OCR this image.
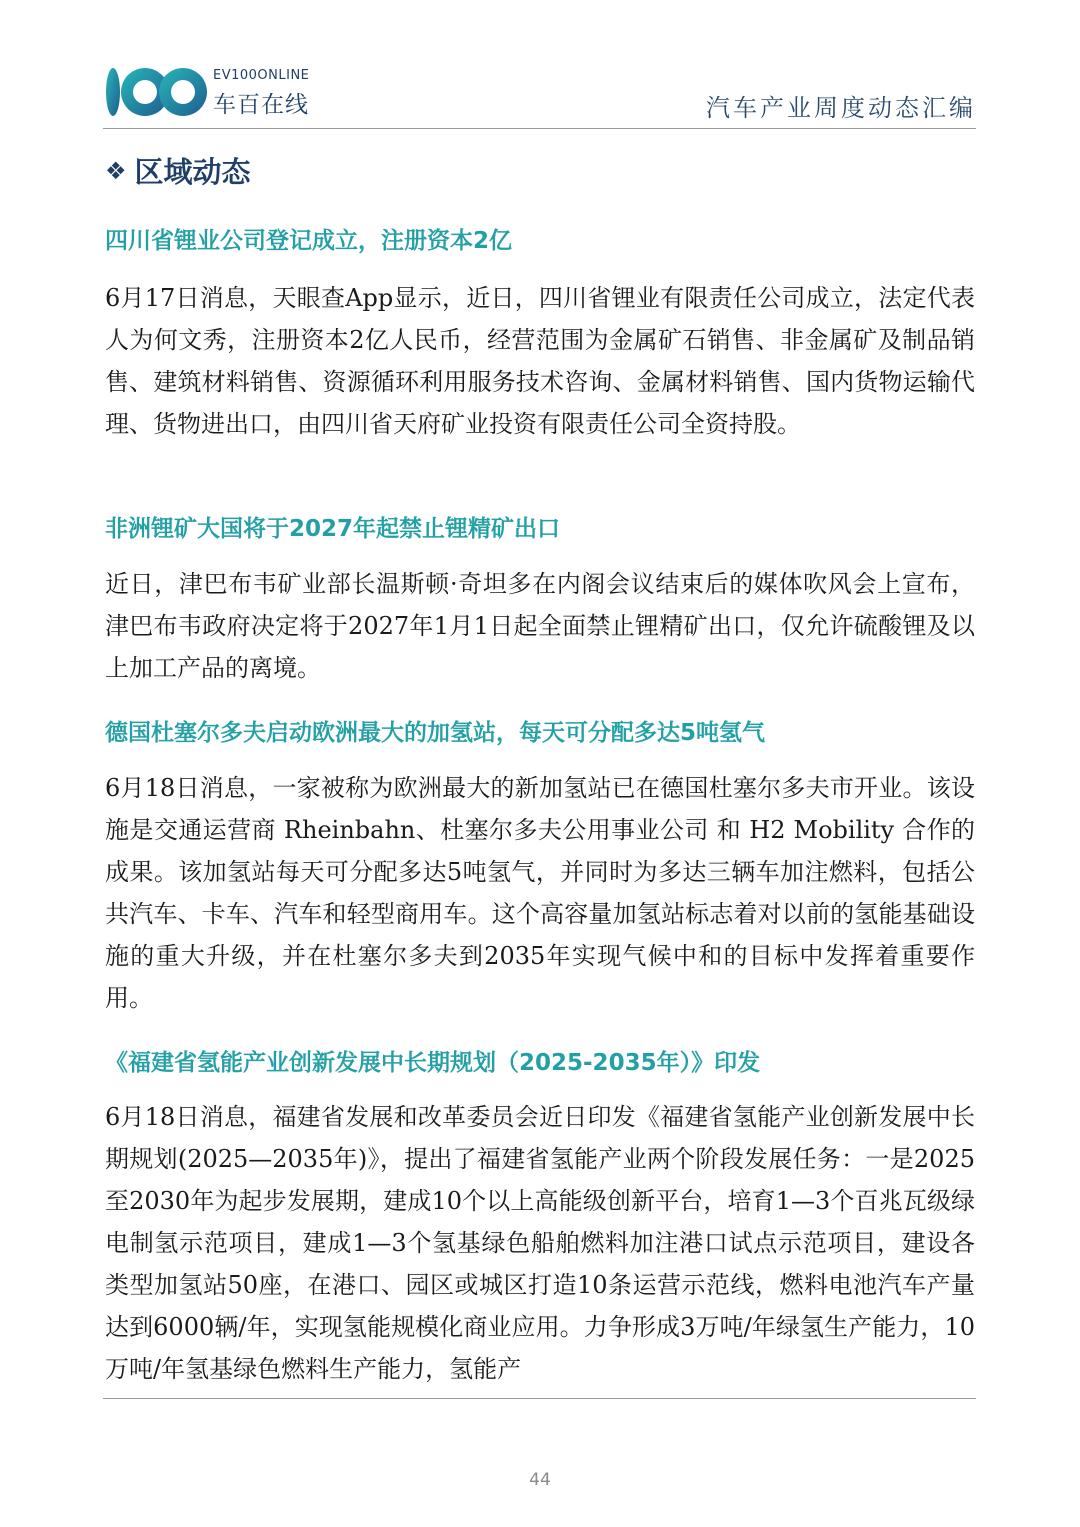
EV100ONLINE
车百在线	汽车产业周度动态汇编
❖ 区域动态
四川省锂业公司登记成立，注册资本2亿
6月17日消息，天眼查App显示，近日，四川省锂业有限责任公司成立，法定代表人为何文秀，注册资本2亿人民币，经营范围为金属矿石销售、非金属矿及制品销售、建筑材料销售、资源循环利用服务技术咨询、金属材料销售、国内货物运输代理、货物进出口，由四川省天府矿业投资有限责任公司全资持股。
非洲锂矿大国将于2027年起禁止锂精矿出口
近日，津巴布韦矿业部长温斯顿·奇坦多在内阁会议结束后的媒体吹风会上宣布，津巴布韦政府决定将于2027年1月1日起全面禁止锂精矿出口，仅允许硫酸锂及以上加工产品的离境。
德国杜塞尔多夫启动欧洲最大的加氢站，每天可分配多达5吨氢气
6月18日消息，一家被称为欧洲最大的新加氢站已在德国杜塞尔多夫市开业。该设施是交通运营商 Rheinbahn、杜塞尔多夫公用事业公司 和 H2 Mobility 合作的成果。该加氢站每天可分配多达5吨氢气，并同时为多达三辆车加注燃料，包括公共汽车、卡车、汽车和轻型商用车。这个高容量加氢站标志着对以前的氢能基础设施的重大升级，并在杜塞尔多夫到2035年实现气候中和的目标中发挥着重要作用。
《福建省氢能产业创新发展中长期规划（2025-2035年）》印发
6月18日消息，福建省发展和改革委员会近日印发《福建省氢能产业创新发展中长期规划(2025—2035年)》，提出了福建省氢能产业两个阶段发展任务：一是2025至2030年为起步发展期，建成10个以上高能级创新平台，培育1—3个百兆瓦级绿电制氢示范项目，建成1—3个氢基绿色船舶燃料加注港口试点示范项目，建设各类型加氢站50座，在港口、园区或城区打造10条运营示范线，燃料电池汽车产量达到6000辆/年，实现氢能规模化商业应用。力争形成3万吨/年绿氢生产能力，10万吨/年氢基绿色燃料生产能力，氢能产
44
